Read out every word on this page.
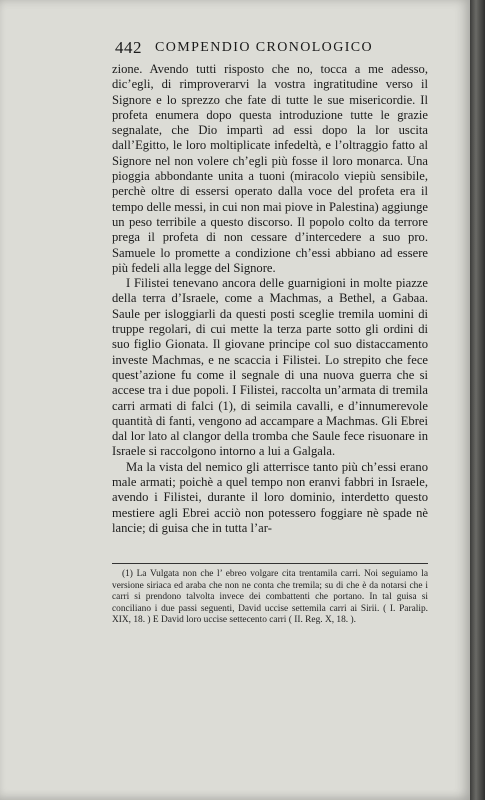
442 COMPENDIO CRONOLOGICO

zione. Avendo tutti risposto che no, tocca a me adesso, dic’egli, di rimproverarvi la vostra ingratitudine verso il Signore e lo sprezzo che fate di tutte le sue misericordie. Il profeta enumera dopo questa introduzione tutte le grazie segnalate, che Dio impartì ad essi dopo la lor uscita dall’Egitto, le loro moltiplicate infedeltà, e l’oltraggio fatto al Signore nel non volere ch’egli più fosse il loro monarca. Una pioggia abbondante unita a tuoni (miracolo viepiù sensibile, perchè oltre di essersi operato dalla voce del profeta era il tempo delle messi, in cui non mai piove in Palestina) aggiunge un peso terribile a questo discorso. Il popolo colto da terrore prega il profeta di non cessare d’intercedere a suo pro. Samuele lo promette a condizione ch’essi abbiano ad essere più fedeli alla legge del Signore.

I Filistei tenevano ancora delle guarnigioni in molte piazze della terra d’Israele, come a Machmas, a Bethel, a Gabaa. Saule per isloggiarli da questi posti sceglie tremila uomini di truppe regolari, di cui mette la terza parte sotto gli ordini di suo figlio Gionata. Il giovane principe col suo distaccamento investe Machmas, e ne scaccia i Filistei. Lo strepito che fece quest’azione fu come il segnale di una nuova guerra che si accese tra i due popoli. I Filistei, raccolta un’armata di tremila carri armati di falci (1), di seimila cavalli, e d’innumerevole quantità di fanti, vengono ad accampare a Machmas. Gli Ebrei dal lor lato al clangor della tromba che Saule fece risuonare in Israele si raccolgono intorno a lui a Galgala.

Ma la vista del nemico gli atterrisce tanto più ch’essi erano male armati; poichè a quel tempo non eranvi fabbri in Israele, avendo i Filistei, durante il loro dominio, interdetto questo mestiere agli Ebrei acciò non potessero foggiare nè spade nè lancie; di guisa che in tutta l’ar-

(1) La Vulgata non che l’ ebreo volgare cita trentamila carri. Noi seguiamo la versione siriaca ed araba che non ne conta che tremila; su di che è da notarsi che i carri si prendono talvolta invece dei combattenti che portano. In tal guisa si conciliano i due passi seguenti, David uccise settemila carri ai Sirii. ( I. Paralip. XIX, 18. ) E David loro uccise settecento carri ( II. Reg. X, 18. ).
